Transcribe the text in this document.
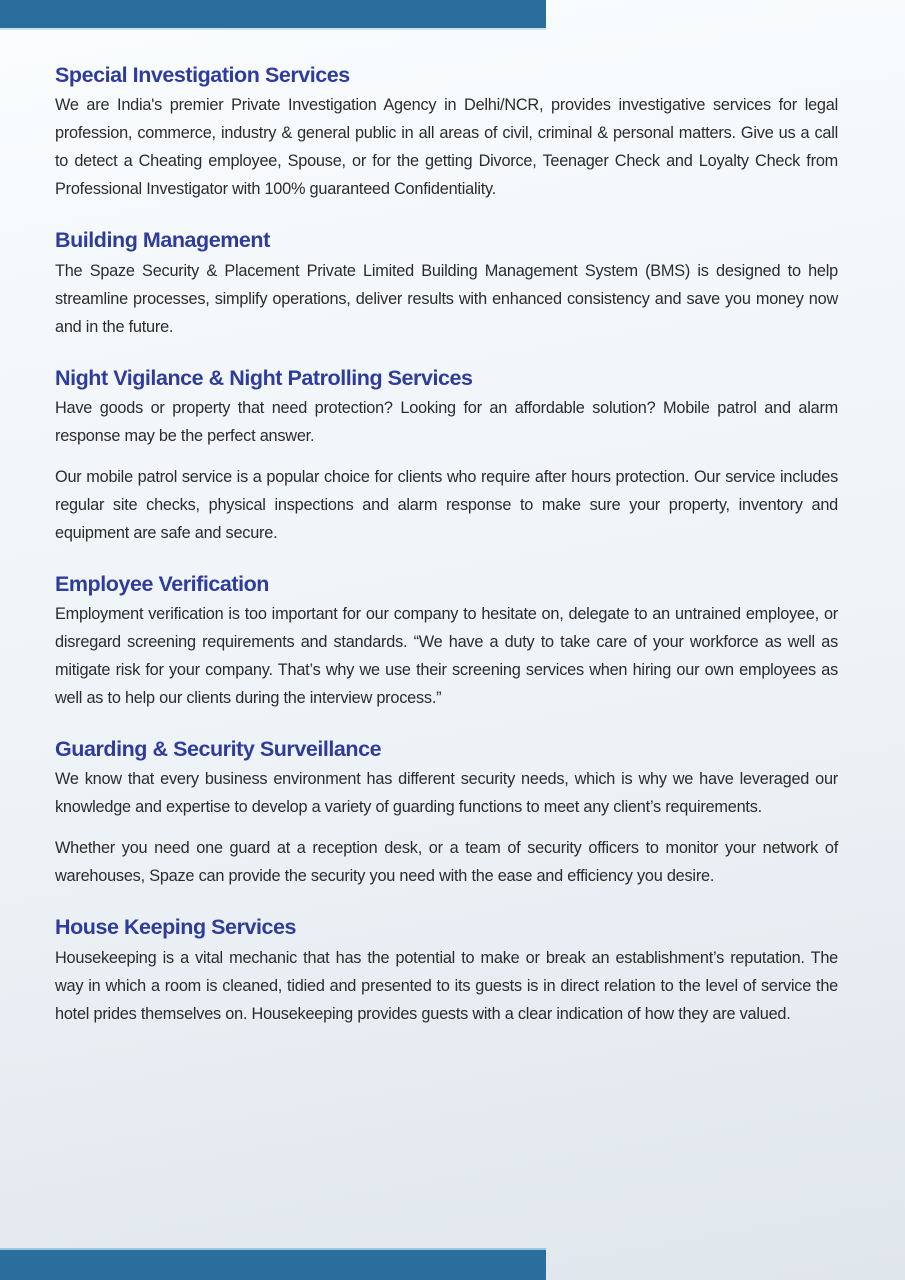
Special Investigation Services

We are India's premier Private Investigation Agency in Delhi/NCR, provides investigative services for legal profession, commerce, industry & general public in all areas of civil, criminal & personal matters. Give us a call to detect a Cheating employee, Spouse, or for the getting Divorce, Teenager Check and Loyalty Check from Professional Investigator with 100% guaranteed Confidentiality.

Building Management

The Spaze Security & Placement Private Limited Building Management System (BMS) is designed to help streamline processes, simplify operations, deliver results with enhanced consistency and save you money now and in the future.

Night Vigilance & Night Patrolling Services

Have goods or property that need protection? Looking for an affordable solution? Mobile patrol and alarm response may be the perfect answer.

Our mobile patrol service is a popular choice for clients who require after hours protection. Our service includes regular site checks, physical inspections and alarm response to make sure your property, inventory and equipment are safe and secure.

Employee Verification

Employment verification is too important for our company to hesitate on, delegate to an untrained employee, or disregard screening requirements and standards. “We have a duty to take care of your workforce as well as mitigate risk for your company. That’s why we use their screening services when hiring our own employees as well as to help our clients during the interview process.”

Guarding & Security Surveillance

We know that every business environment has different security needs, which is why we have leveraged our knowledge and expertise to develop a variety of guarding functions to meet any client’s requirements.

Whether you need one guard at a reception desk, or a team of security officers to monitor your network of warehouses, Spaze can provide the security you need with the ease and efficiency you desire.

House Keeping Services

Housekeeping is a vital mechanic that has the potential to make or break an establishment’s reputation. The way in which a room is cleaned, tidied and presented to its guests is in direct relation to the level of service the hotel prides themselves on. Housekeeping provides guests with a clear indication of how they are valued.
